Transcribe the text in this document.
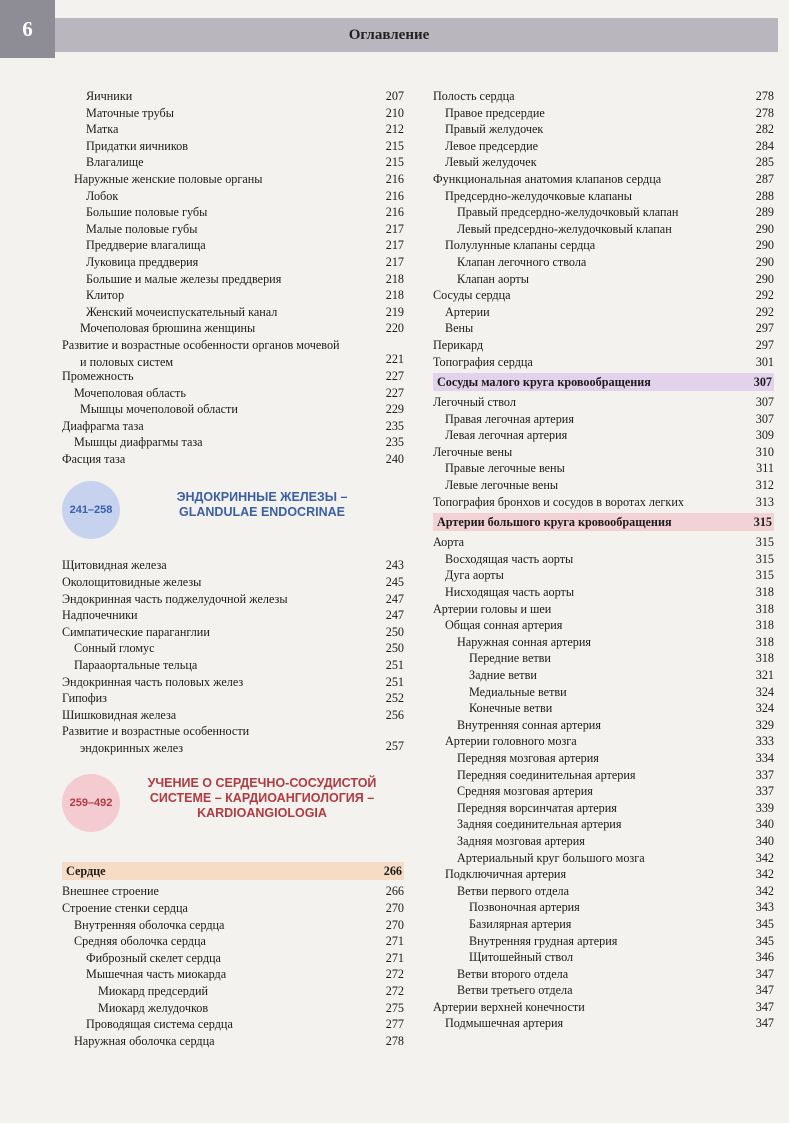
Оглавление
6
Яичники	207
Маточные трубы	210
Матка	212
Придатки яичников	215
Влагалище	215
Наружные женские половые органы	216
Лобок	216
Большие половые губы	216
Малые половые губы	217
Преддверие влагалища	217
Луковица преддверия	217
Большие и малые железы преддверия	218
Клитор	218
Женский мочеиспускательный канал	219
Мочеполовая брюшина женщины	220
Развитие и возрастные особенности органов мочевой и половых систем	221
Промежность	227
Мочеполовая область	227
Мышцы мочеполовой области	229
Диафрагма таза	235
Мышцы диафрагмы таза	235
Фасция таза	240
241–258
ЭНДОКРИННЫЕ ЖЕЛЕЗЫ –
GLANDULAE ENDOCRINAE
Щитовидная железа	243
Околощитовидные железы	245
Эндокринная часть поджелудочной железы	247
Надпочечники	247
Симпатические параганглии	250
Сонный гломус	250
Парааортальные тельца	251
Эндокринная часть половых желез	251
Гипофиз	252
Шишковидная железа	256
Развитие и возрастные особенности эндокринных желез	257
259–492
УЧЕНИЕ О СЕРДЕЧНО-СОСУДИСТОЙ
СИСТЕМЕ – КАРДИОАНГИОЛОГИЯ –
KARDIOANGIOLOGIA
Сердце	266
Внешнее строение	266
Строение стенки сердца	270
Внутренняя оболочка сердца	270
Средняя оболочка сердца	271
Фиброзный скелет сердца	271
Мышечная часть миокарда	272
Миокард предсердий	272
Миокард желудочков	275
Проводящая система сердца	277
Наружная оболочка сердца	278
Полость сердца	278
Правое предсердие	278
Правый желудочек	282
Левое предсердие	284
Левый желудочек	285
Функциональная анатомия клапанов сердца	287
Предсердно-желудочковые клапаны	288
Правый предсердно-желудочковый клапан	289
Левый предсердно-желудочковый клапан	290
Полулунные клапаны сердца	290
Клапан легочного ствола	290
Клапан аорты	290
Сосуды сердца	292
Артерии	292
Вены	297
Перикард	297
Топография сердца	301
Сосуды малого круга кровообращения	307
Легочный ствол	307
Правая легочная артерия	307
Левая легочная артерия	309
Легочные вены	310
Правые легочные вены	311
Левые легочные вены	312
Топография бронхов и сосудов в воротах легких	313
Артерии большого круга кровообращения	315
Аорта	315
Восходящая часть аорты	315
Дуга аорты	315
Нисходящая часть аорты	318
Артерии головы и шеи	318
Общая сонная артерия	318
Наружная сонная артерия	318
Передние ветви	318
Задние ветви	321
Медиальные ветви	324
Конечные ветви	324
Внутренняя сонная артерия	329
Артерии головного мозга	333
Передняя мозговая артерия	334
Передняя соединительная артерия	337
Средняя мозговая артерия	337
Передняя ворсинчатая артерия	339
Задняя соединительная артерия	340
Задняя мозговая артерия	340
Артериальный круг большого мозга	342
Подключичная артерия	342
Ветви первого отдела	342
Позвоночная артерия	343
Базилярная артерия	345
Внутренняя грудная артерия	345
Щитошейный ствол	346
Ветви второго отдела	347
Ветви третьего отдела	347
Артерии верхней конечности	347
Подмышечная артерия	347
